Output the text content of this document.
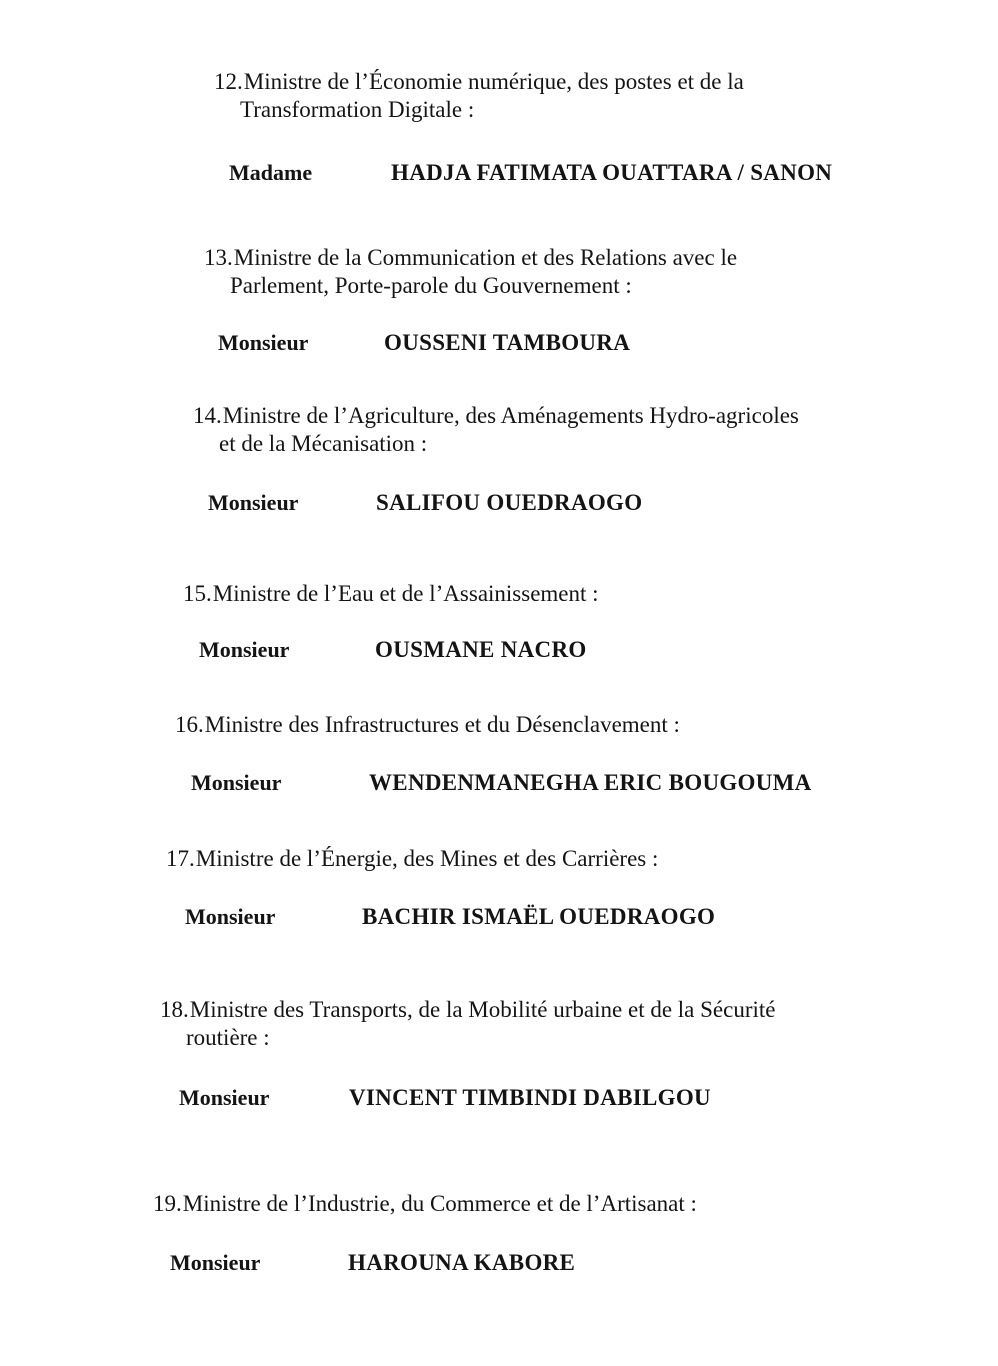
12.Ministre de l’Économie numérique, des postes et de la
Transformation Digitale :

Madame	HADJA FATIMATA OUATTARA / SANON

13.Ministre de la Communication et des Relations avec le
Parlement, Porte-parole du Gouvernement :

Monsieur	OUSSENI TAMBOURA

14.Ministre de l’Agriculture, des Aménagements Hydro-agricoles
et de la Mécanisation :

Monsieur	SALIFOU OUEDRAOGO

15.Ministre de l’Eau et de l’Assainissement :

Monsieur	OUSMANE NACRO

16.Ministre des Infrastructures et du Désenclavement :

Monsieur	WENDENMANEGHA ERIC BOUGOUMA

17.Ministre de l’Énergie, des Mines et des Carrières :

Monsieur	BACHIR ISMAËL OUEDRAOGO

18.Ministre des Transports, de la Mobilité urbaine et de la Sécurité
routière :

Monsieur	VINCENT TIMBINDI DABILGOU

19.Ministre de l’Industrie, du Commerce et de l’Artisanat :

Monsieur	HAROUNA KABORE
